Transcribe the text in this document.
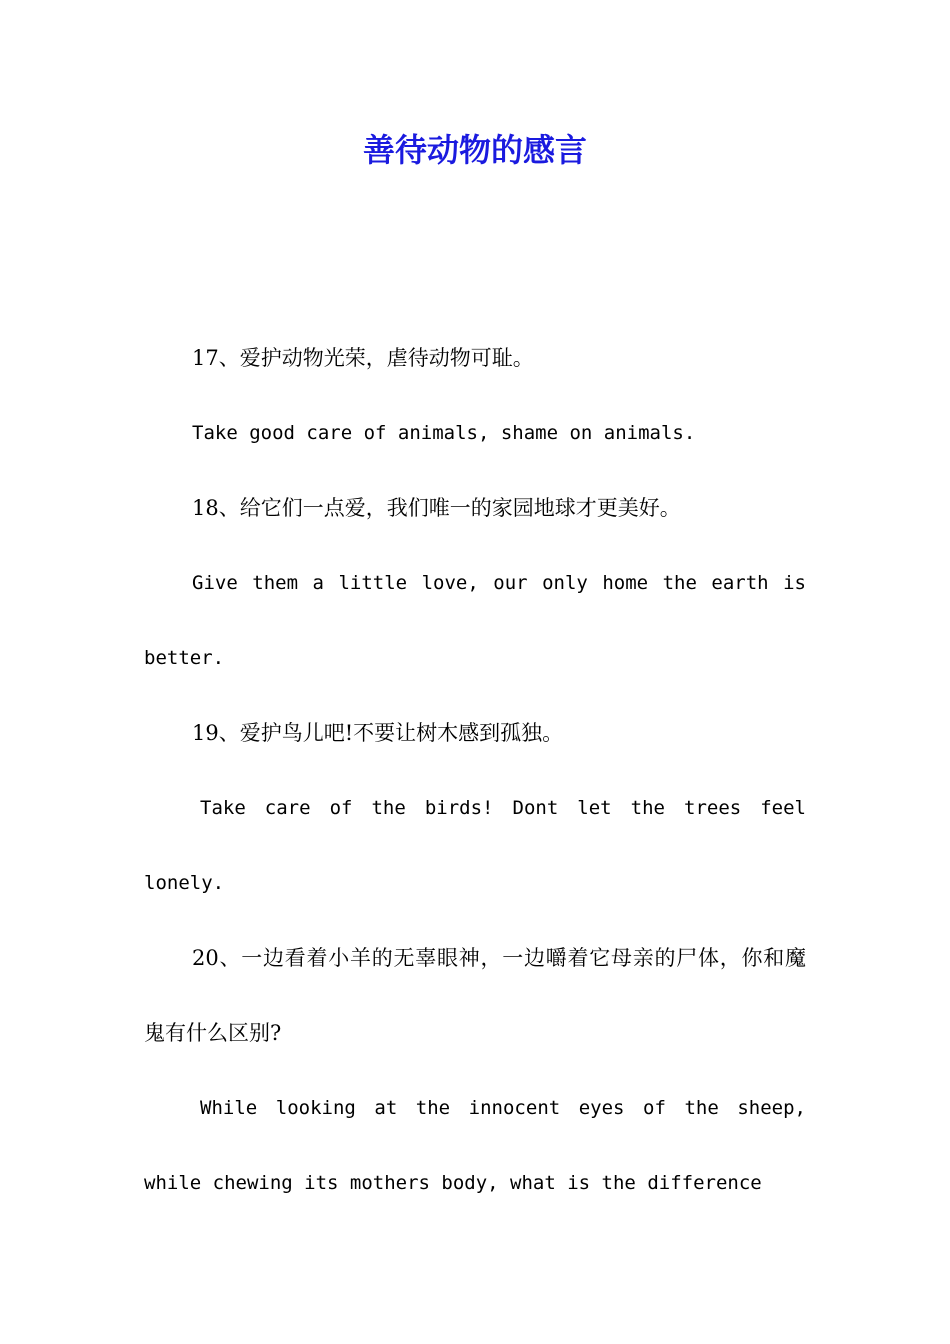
善待动物的感言

17、爱护动物光荣，虐待动物可耻。

Take good care of animals, shame on animals.

18、给它们一点爱，我们唯一的家园地球才更美好。

Give them a little love, our only home the earth is better.

19、爱护鸟儿吧!不要让树木感到孤独。

Take care of the birds! Dont let the trees feel lonely.

20、一边看着小羊的无辜眼神，一边嚼着它母亲的尸体，你和魔鬼有什么区别?

While looking at the innocent eyes of the sheep, while chewing its mothers body, what is the difference
